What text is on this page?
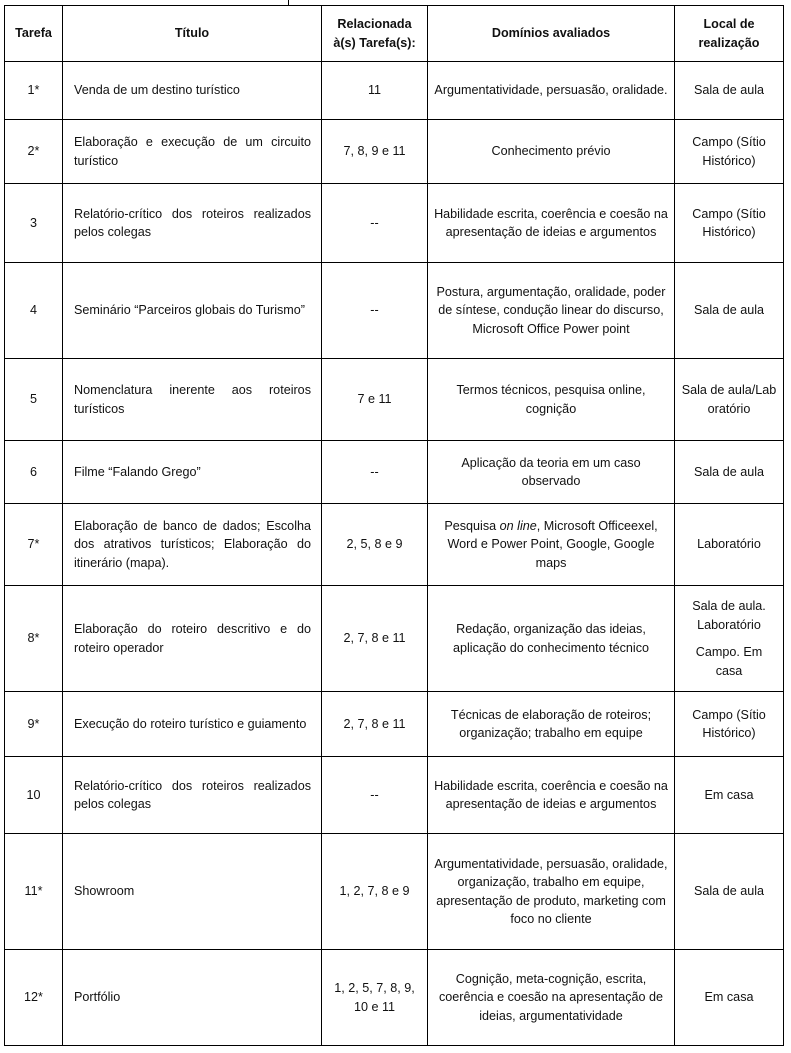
Tarefa	Título	Relacionada à(s) Tarefa(s):	Domínios avaliados	Local de realização
1*	Venda de um destino turístico	11	Argumentatividade, persuasão, oralidade.	Sala de aula

2*	Elaboração e execução de um circuito turístico	7, 8, 9 e 11	Conhecimento prévio	Campo (Sítio Histórico)

3	Relatório-crítico dos roteiros realizados pelos colegas	--	Habilidade escrita, coerência e coesão na apresentação de ideias e argumentos	Campo (Sítio Histórico)

4	Seminário “Parceiros globais do Turismo”	--	Postura, argumentação, oralidade, poder de síntese, condução linear do discurso, Microsoft Office Power point	Sala de aula

5	Nomenclatura inerente aos roteiros turísticos	7 e 11	Termos técnicos, pesquisa online, cognição	Sala de aula/Laboratório

6	Filme “Falando Grego”	--	Aplicação da teoria em um caso observado	Sala de aula

7*	Elaboração de banco de dados; Escolha dos atrativos turísticos; Elaboração do itinerário (mapa).	2, 5, 8 e 9	Pesquisa on line, Microsoft Officeexel, Word e Power Point, Google, Google maps	Laboratório

8*	Elaboração do roteiro descritivo e do roteiro operador	2, 7, 8 e 11	Redação, organização das ideias, aplicação do conhecimento técnico	Sala de aula. Laboratório
Campo. Em casa

9*	Execução do roteiro turístico e guiamento	2, 7, 8 e 11	Técnicas de elaboração de roteiros; organização; trabalho em equipe	Campo (Sítio Histórico)

10	Relatório-crítico dos roteiros realizados pelos colegas	--	Habilidade escrita, coerência e coesão na apresentação de ideias e argumentos	Em casa

11*	Showroom	1, 2, 7, 8 e 9	Argumentatividade, persuasão, oralidade, organização, trabalho em equipe, apresentação de produto, marketing com foco no cliente	Sala de aula

12*	Portfólio	1, 2, 5, 7, 8, 9, 10 e 11	Cognição, meta-cognição, escrita, coerência e coesão na apresentação de ideias, argumentatividade	Em casa
